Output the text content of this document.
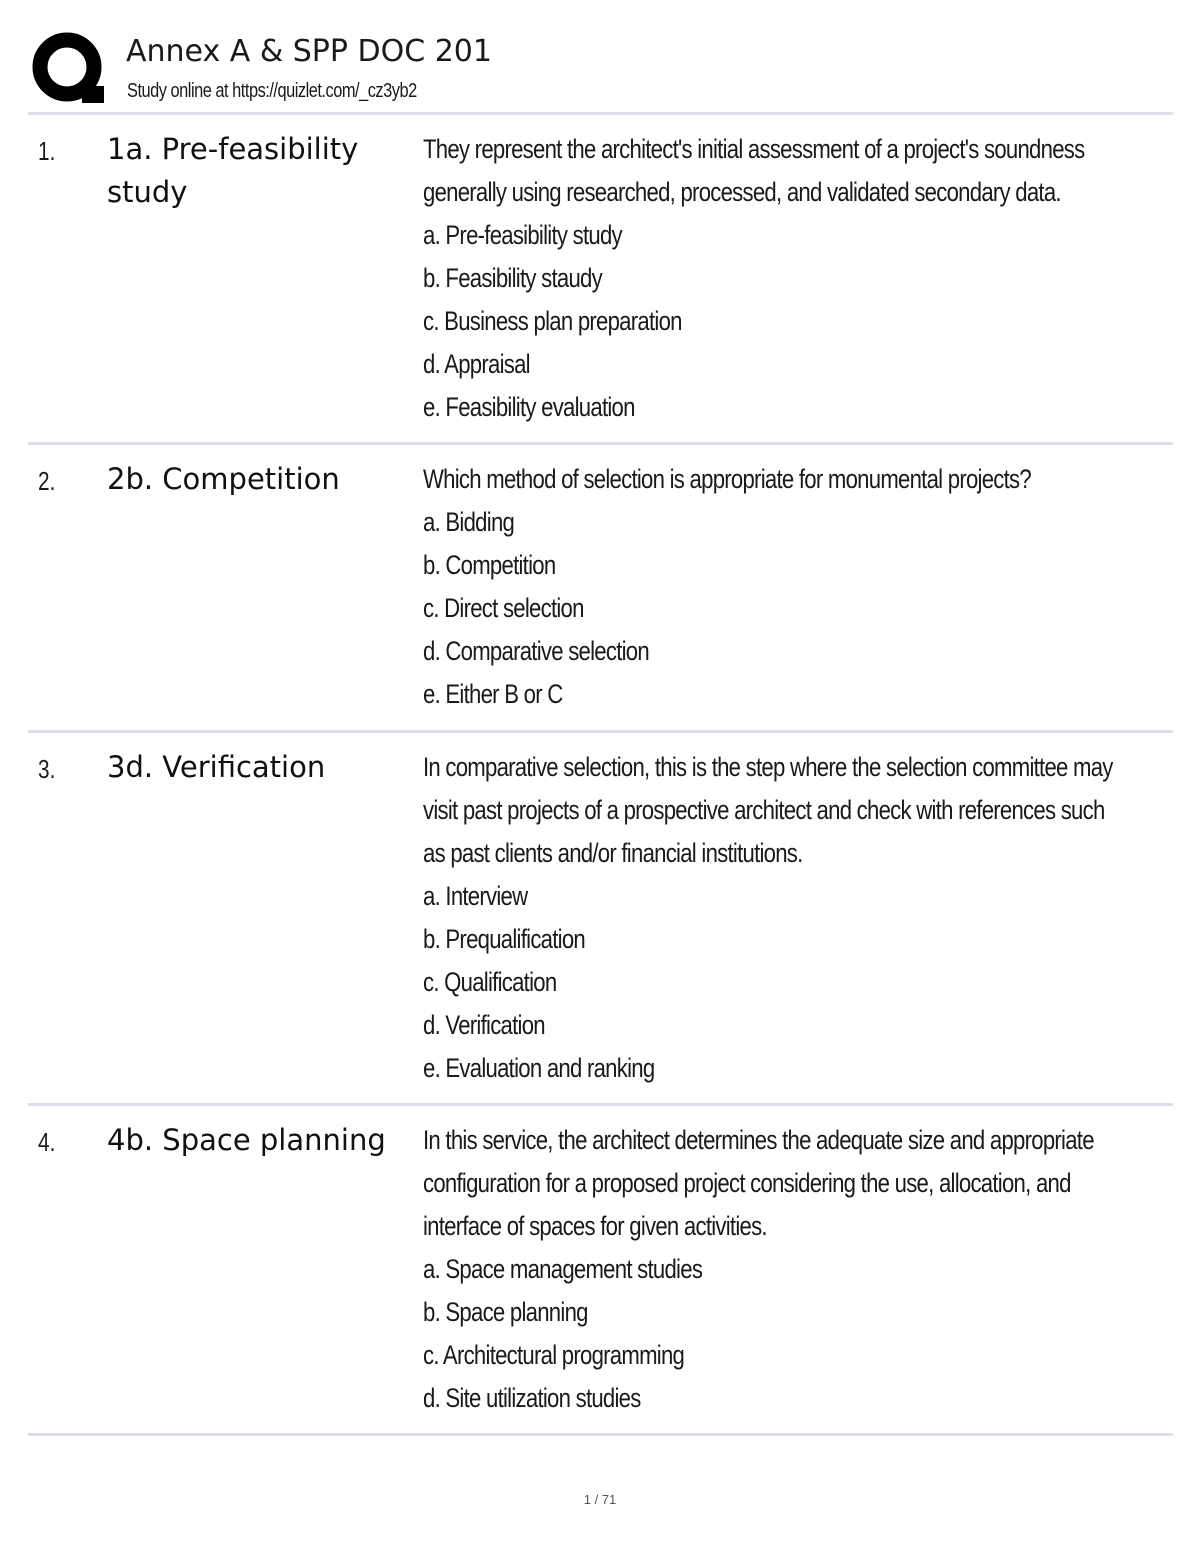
Annex A & SPP DOC 201
Study online at https://quizlet.com/_cz3yb2
1. 1a. Pre-feasibility study
They represent the architect's initial assessment of a project's soundness
generally using researched, processed, and validated secondary data.
a. Pre-feasibility study
b. Feasibility staudy
c. Business plan preparation
d. Appraisal
e. Feasibility evaluation
2. 2b. Competition	Which method of selection is appropriate for monumental projects?
a. Bidding
b. Competition
c. Direct selection
d. Comparative selection
e. Either B or C
3. 3d. Verification	In comparative selection, this is the step where the selection committee may
visit past projects of a prospective architect and check with references such
as past clients and/or financial institutions.
a. Interview
b. Prequalification
c. Qualification
d. Verification
e. Evaluation and ranking
4. 4b. Space planning	In this service, the architect determines the adequate size and appropriate
configuration for a proposed project considering the use, allocation, and
interface of spaces for given activities.
a. Space management studies
b. Space planning
c. Architectural programming
d. Site utilization studies
1 / 71
